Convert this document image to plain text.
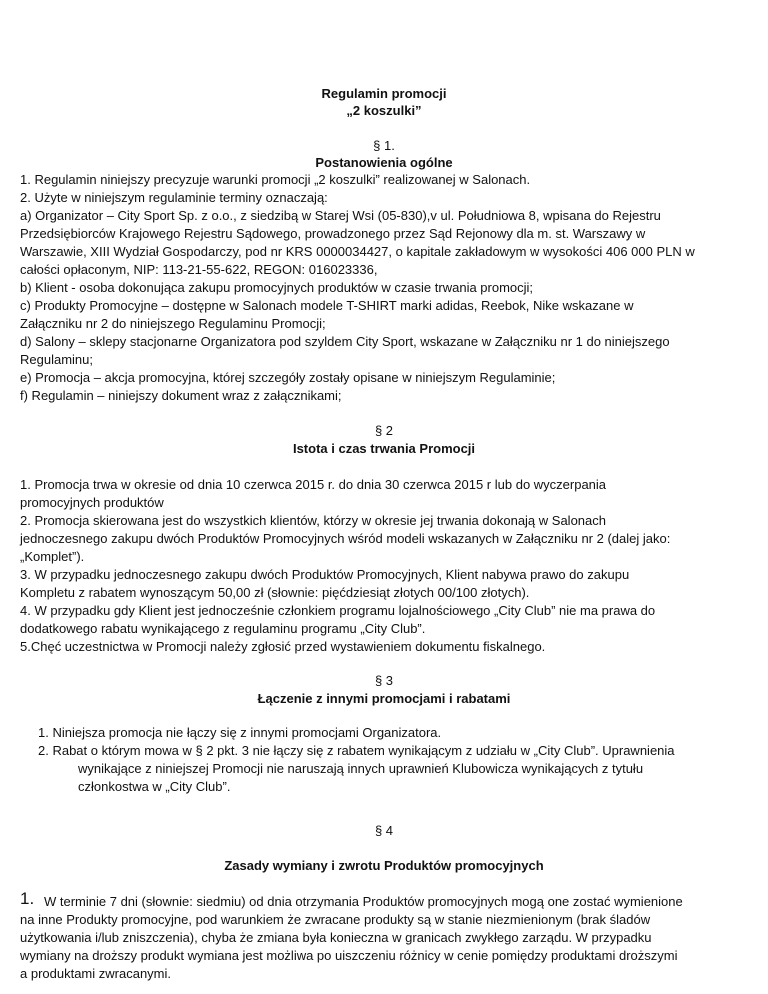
Regulamin promocji
„2 koszulki”
§ 1.
Postanowienia ogólne
1. Regulamin niniejszy precyzuje warunki promocji „2 koszulki” realizowanej w Salonach.
2. Użyte w niniejszym regulaminie terminy oznaczają:
a) Organizator – City Sport Sp. z o.o., z siedzibą w Starej Wsi (05-830),v ul. Południowa 8, wpisana do Rejestru
Przedsiębiorców Krajowego Rejestru Sądowego, prowadzonego przez Sąd Rejonowy dla m. st. Warszawy w
Warszawie, XIII Wydział Gospodarczy, pod nr KRS 0000034427, o kapitale zakładowym w wysokości 406 000 PLN w
całości opłaconym, NIP: 113-21-55-622, REGON: 016023336,
b) Klient - osoba dokonująca zakupu promocyjnych produktów w czasie trwania promocji;
c) Produkty Promocyjne – dostępne w Salonach modele T-SHIRT marki adidas, Reebok, Nike wskazane w
Załączniku nr 2 do niniejszego Regulaminu Promocji;
d) Salony – sklepy stacjonarne Organizatora pod szyldem City Sport, wskazane w Załączniku nr 1 do niniejszego
Regulaminu;
e) Promocja – akcja promocyjna, której szczegóły zostały opisane w niniejszym Regulaminie;
f) Regulamin – niniejszy dokument wraz z załącznikami;
§ 2
Istota i czas trwania Promocji
1. Promocja trwa w okresie od dnia 10 czerwca 2015 r. do dnia 30 czerwca 2015 r lub do wyczerpania
promocyjnych produktów
2. Promocja skierowana jest do wszystkich klientów, którzy w okresie jej trwania dokonają w Salonach
jednoczesnego zakupu dwóch Produktów Promocyjnych wśród modeli wskazanych w Załączniku nr 2 (dalej jako:
„Komplet”).
3. W przypadku jednoczesnego zakupu dwóch Produktów Promocyjnych, Klient nabywa prawo do zakupu
Kompletu z rabatem wynoszącym 50,00 zł (słownie: pięćdziesiąt złotych 00/100 złotych).
4. W przypadku gdy Klient jest jednocześnie członkiem programu lojalnościowego „City Club” nie ma prawa do
dodatkowego rabatu wynikającego z regulaminu programu „City Club”.
5.Chęć uczestnictwa w Promocji należy zgłosić przed wystawieniem dokumentu fiskalnego.
§ 3
Łączenie z innymi promocjami i rabatami
1. Niniejsza promocja nie łączy się z innymi promocjami Organizatora.
2. Rabat o którym mowa w § 2 pkt. 3 nie łączy się z rabatem wynikającym z udziału w „City Club”. Uprawnienia
wynikające z niniejszej Promocji nie naruszają innych uprawnień Klubowicza wynikających z tytułu
członkostwa w „City Club”.
§ 4
Zasady wymiany i zwrotu Produktów promocyjnych
1. W terminie 7 dni (słownie: siedmiu) od dnia otrzymania Produktów promocyjnych mogą one zostać wymienione
na inne Produkty promocyjne, pod warunkiem że zwracane produkty są w stanie niezmienionym (brak śladów
użytkowania i/lub zniszczenia), chyba że zmiana była konieczna w granicach zwykłego zarządu. W przypadku
wymiany na droższy produkt wymiana jest możliwa po uiszczeniu różnicy w cenie pomiędzy produktami droższymi
a produktami zwracanymi.
